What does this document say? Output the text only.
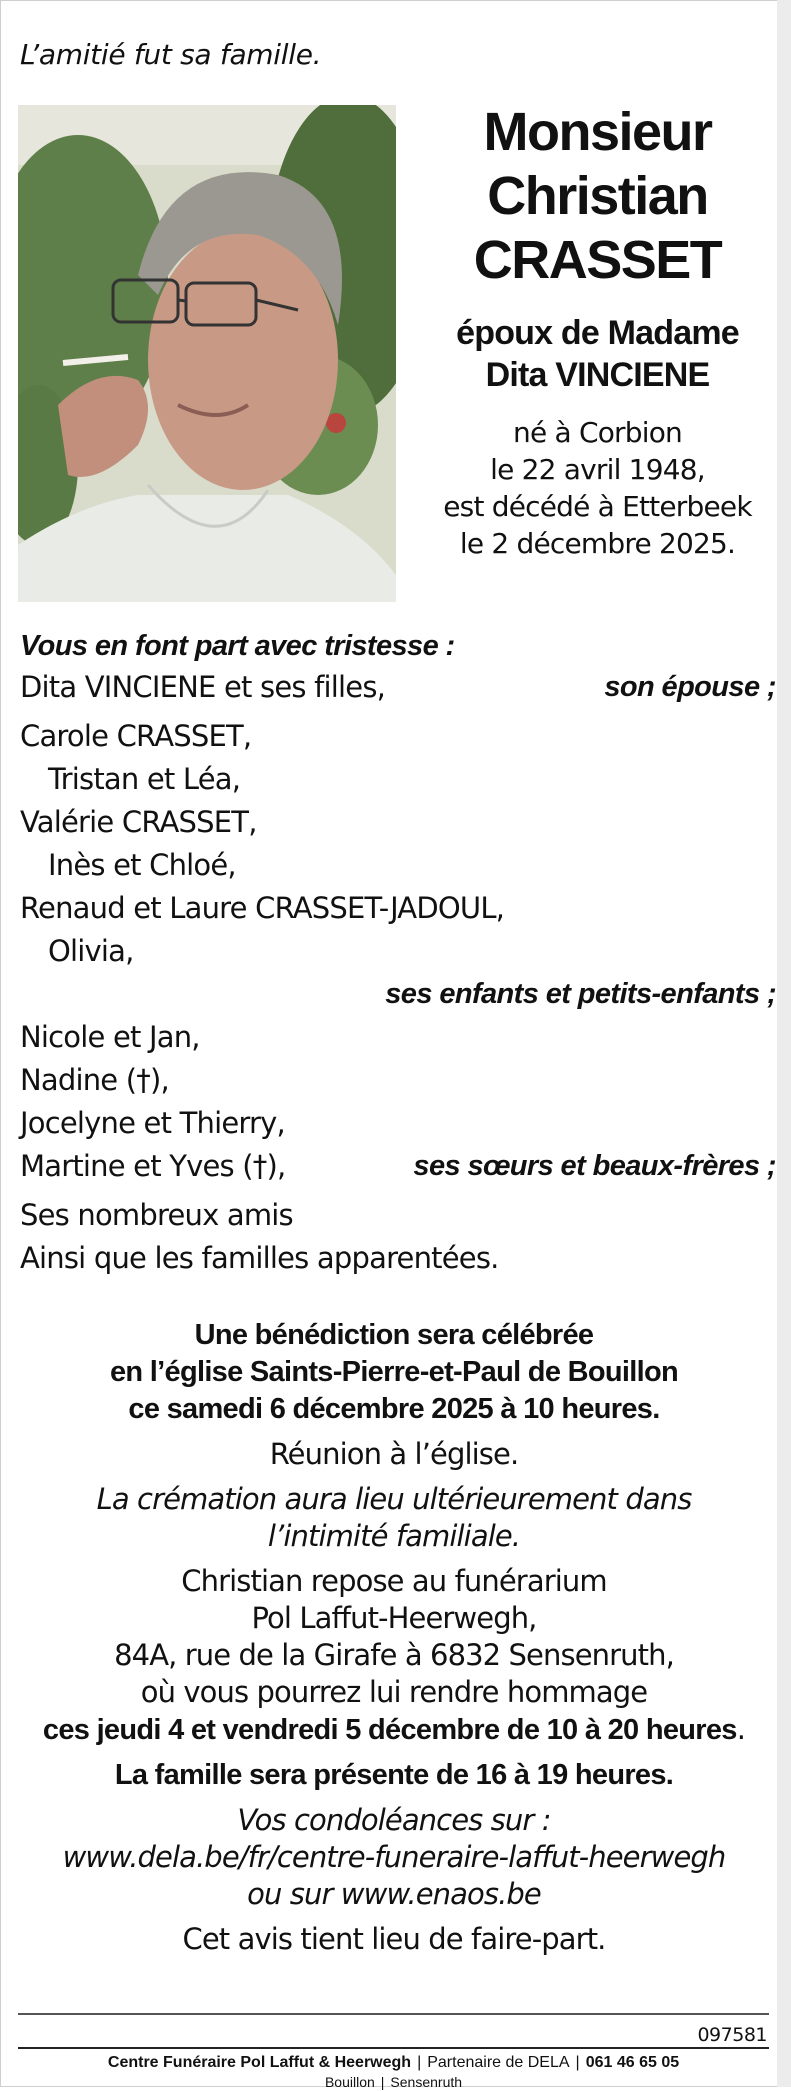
L’amitié fut sa famille.
Monsieur
Christian
CRASSET
époux de Madame
Dita VINCIENE
né à Corbion
le 22 avril 1948,
est décédé à Etterbeek
le 2 décembre 2025.
Vous en font part avec tristesse :
Dita VINCIENE et ses filles,	son épouse ;
Carole CRASSET,
Tristan et Léa,
Valérie CRASSET,
Inès et Chloé,
Renaud et Laure CRASSET-JADOUL,
Olivia,
ses enfants et petits-enfants ;
Nicole et Jan,
Nadine (†),
Jocelyne et Thierry,
Martine et Yves (†),	ses sœurs et beaux-frères ;
Ses nombreux amis
Ainsi que les familles apparentées.
Une bénédiction sera célébrée
en l’église Saints-Pierre-et-Paul de Bouillon
ce samedi 6 décembre 2025 à 10 heures.
Réunion à l’église.
La crémation aura lieu ultérieurement dans
l’intimité familiale.
Christian repose au funérarium
Pol Laffut-Heerwegh,
84A, rue de la Girafe à 6832 Sensenruth,
où vous pourrez lui rendre hommage
ces jeudi 4 et vendredi 5 décembre de 10 à 20 heures.
La famille sera présente de 16 à 19 heures.
Vos condoléances sur :
www.dela.be/fr/centre-funeraire-laffut-heerwegh
ou sur www.enaos.be
Cet avis tient lieu de faire-part.
097581
Centre Funéraire Pol Laffut & Heerwegh | Partenaire de DELA | 061 46 65 05
Bouillon | Sensenruth
